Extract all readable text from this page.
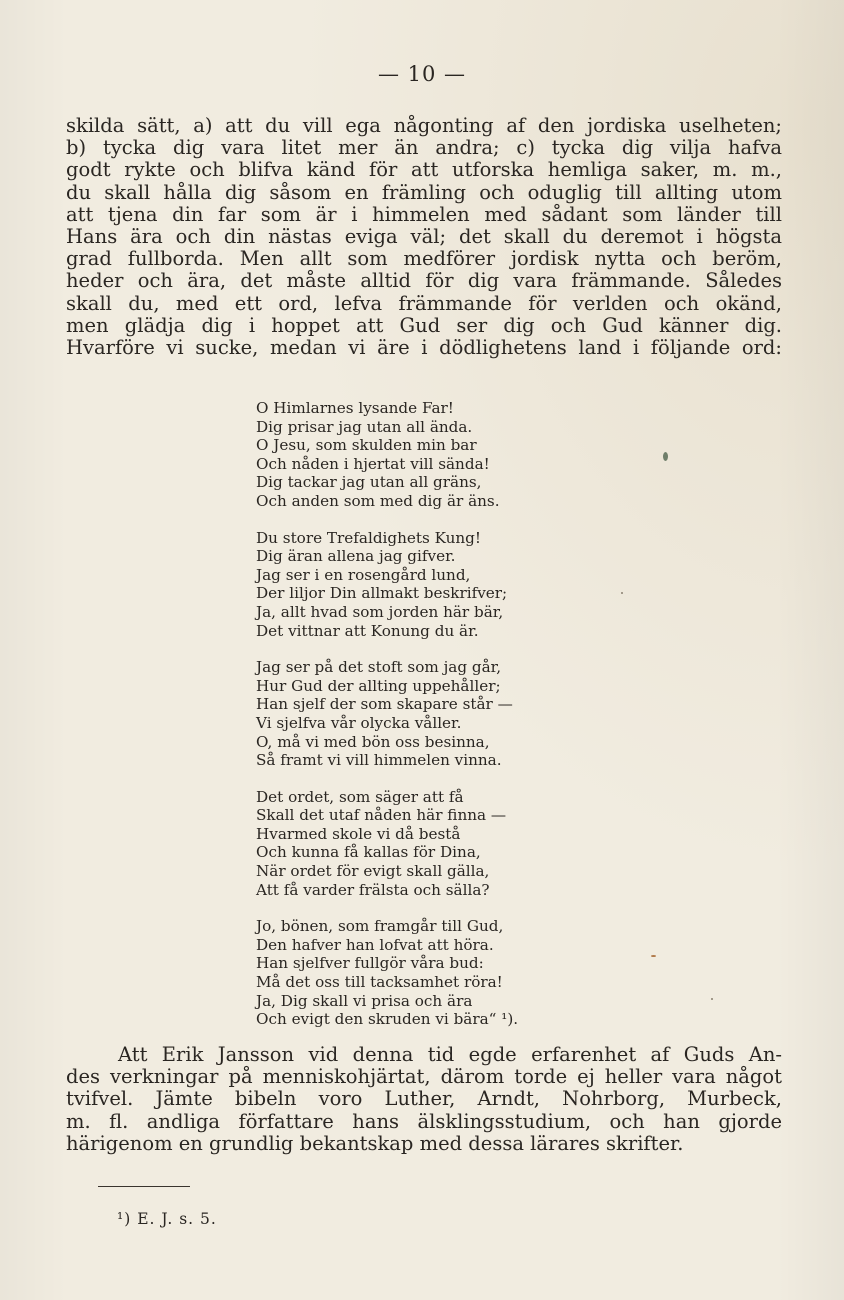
— 10 —
skilda sätt, a) att du vill ega någonting af den jordiska uselheten;
b) tycka dig vara litet mer än andra; c) tycka dig vilja hafva
godt rykte och blifva känd för att utforska hemliga saker, m. m.,
du skall hålla dig såsom en främling och oduglig till allting utom
att tjena din far som är i himmelen med sådant som länder till
Hans ära och din nästas eviga väl; det skall du deremot i högsta
grad fullborda. Men allt som medförer jordisk nytta och beröm,
heder och ära, det måste alltid för dig vara främmande. Således
skall du, med ett ord, lefva främmande för verlden och okänd,
men glädja dig i hoppet att Gud ser dig och Gud känner dig.
Hvarföre vi sucke, medan vi äre i dödlighetens land i följande ord:
O Himlarnes lysande Far!
Dig prisar jag utan all ända.
O Jesu, som skulden min bar
Och nåden i hjertat vill sända!
Dig tackar jag utan all gräns,
Och anden som med dig är äns.
Du store Trefaldighets Kung!
Dig äran allena jag gifver.
Jag ser i en rosengård lund,
Der liljor Din allmakt beskrifver;
Ja, allt hvad som jorden här bär,
Det vittnar att Konung du är.
Jag ser på det stoft som jag går,
Hur Gud der allting uppehåller;
Han sjelf der som skapare står —
Vi sjelfva vår olycka våller.
O, må vi med bön oss besinna,
Så framt vi vill himmelen vinna.
Det ordet, som säger att få
Skall det utaf nåden här finna —
Hvarmed skole vi då bestå
Och kunna få kallas för Dina,
När ordet för evigt skall gälla,
Att få varder frälsta och sälla?
Jo, bönen, som framgår till Gud,
Den hafver han lofvat att höra.
Han sjelfver fullgör våra bud:
Må det oss till tacksamhet röra!
Ja, Dig skall vi prisa och ära
Och evigt den skruden vi bära“ ¹).
Att Erik Jansson vid denna tid egde erfarenhet af Guds An-
des verkningar på menniskohjärtat, därom torde ej heller vara något
tvifvel. Jämte bibeln voro Luther, Arndt, Nohrborg, Murbeck,
m. fl. andliga författare hans älsklingsstudium, och han gjorde
härigenom en grundlig bekantskap med dessa lärares skrifter.
¹) E. J. s. 5.
